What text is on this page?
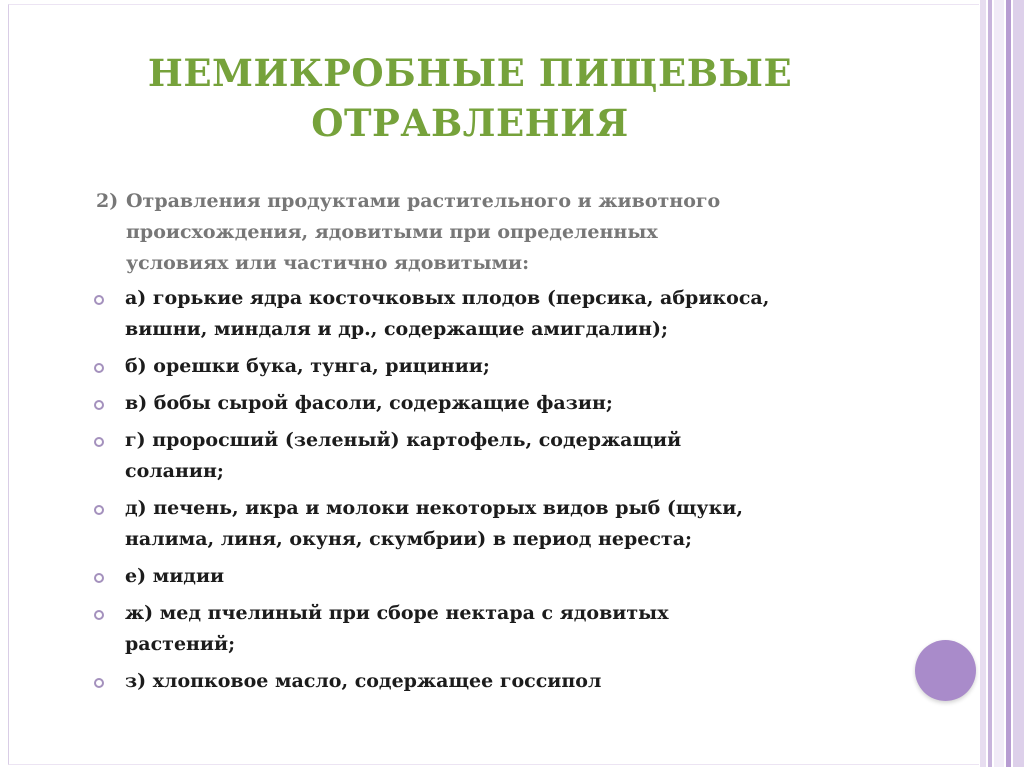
НЕМИКРОБНЫЕ ПИЩЕВЫЕ
ОТРАВЛЕНИЯ
2) Отравления продуктами растительного и животного
происхождения, ядовитыми при определенных
условиях или частично ядовитыми:
а) горькие ядра косточковых плодов (персика, абрикоса,
вишни, миндаля и др., содержащие амигдалин);
б) орешки бука, тунга, рицинии;
в) бобы сырой фасоли, содержащие фазин;
г) проросший (зеленый) картофель, содержащий
соланин;
д) печень, икра и молоки некоторых видов рыб (щуки,
налима, линя, окуня, скумбрии) в период нереста;
е) мидии
ж) мед пчелиный при сборе нектара с ядовитых
растений;
з) хлопковое масло, содержащее госсипол
